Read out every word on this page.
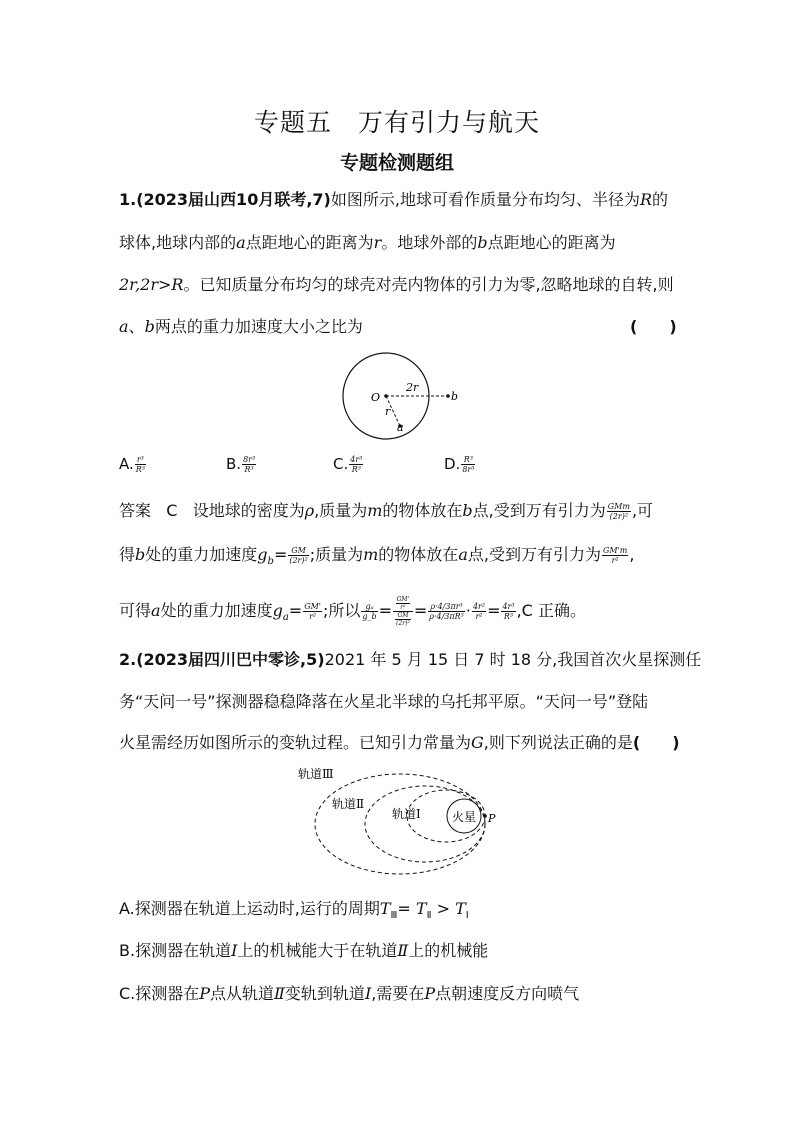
专题五　万有引力与航天
专题检测题组
1.(2023届山西10月联考,7)如图所示,地球可看作质量分布均匀、半径为R的
球体,地球内部的a点距地心的距离为r。地球外部的b点距地心的距离为
2r,2r>R。已知质量分布均匀的球壳对壳内物体的引力为零,忽略地球的自转,则
a、b两点的重力加速度大小之比为	(　　)
O
2r
b
r
a
A. $\frac{\text{r³}}{\text{R³}}$	B. $\frac{\text{8r³}}{\text{R³}}$	C. $\frac{\text{4r³}}{\text{R³}}$	D. $\frac{\text{R³}}{\text{8r³}}$
答案 C 设地球的密度为ρ,质量为m的物体放在b点,受到万有引力为 $\frac{\text{GMm}}{\text{(2r)²}}$ ,可
得b处的重力加速度$g_b= \frac{GM}{\text{(2r)²}}$ ;质量为m的物体放在a点,受到万有引力为 $\frac{GM'm}{\text{r²}}$ ,
可得a处的重力加速度$g_a= \frac{GM'}{\text{r²}}$ ;所以 $\frac{\text{gₐ}}{g\_b} = \frac{\frac{GM'}{\text{r²}}}{\frac{GM}{\text{(2r)²}}} = \frac{\text{ρ·4/3πr³}}{\text{ρ·4/3πR³}} \cdot \frac{\text{4r²}}{\text{r²}} = \frac{\text{4r³}}{\text{R³}} ,C$ 正确。
2.(2023届四川巴中零诊,5)2021 年 5 月 15 日 7 时 18 分,我国首次火星探测任
务“天问一号”探测器稳稳降落在火星北半球的乌托邦平原。“天问一号”登陆
火星需经历如图所示的变轨过程。已知引力常量为G,则下列说法正确的是(　　)
轨道Ⅲ
轨道Ⅱ
轨道Ⅰ	火星 P
A.探测器在轨道上运动时,运行的周期$T_Ⅲ= T_Ⅱ > T_Ⅰ$
B.探测器在轨道Ⅰ上的机械能大于在轨道Ⅱ上的机械能
C.探测器在P点从轨道Ⅱ变轨到轨道Ⅰ,需要在P点朝速度反方向喷气
